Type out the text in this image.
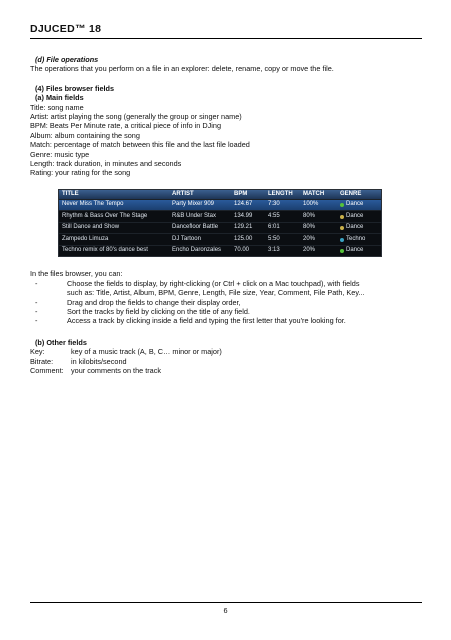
DJUCED™ 18
(d) File operations
The operations that you perform on a file in an explorer: delete, rename, copy or move the file.
(4) Files browser fields
(a) Main fields
Title: song name
Artist: artist playing the song (generally the group or singer name)
BPM: Beats Per Minute rate, a critical piece of info in DJing
Album: album containing the song
Match: percentage of match between this file and the last file loaded
Genre: music type
Length: track duration, in minutes and seconds
Rating: your rating for the song
TITLE	ARTIST	BPM	LENGTH	MATCH	GENRE
Never Miss The Tempo	Party Mixer 909	124.67	7:30	100%	Dance
Rhythm & Bass Over The Stage	R&B Under Stax	134.99	4:55	80%	Dance
Still Dance and Show	Dancefloor Battle	129.21	6:01	80%	Dance
Zampedo Limuza	DJ Tartoon	125.00	5:50	20%	Techno
Techno remix of 80's dance best	Encho Daronzales	70.00	3:13	20%	Dance
In the files browser, you can:
-	Choose the fields to display, by right-clicking (or Ctrl + click on a Mac touchpad), with fields
such as: Title, Artist, Album, BPM, Genre, Length, File size, Year, Comment, File Path, Key...
-	Drag and drop the fields to change their display order,
-	Sort the tracks by field by clicking on the title of any field.
-	Access a track by clicking inside a field and typing the first letter that you're looking for.
(b) Other fields
Key:	key of a music track (A, B, C… minor or major)
Bitrate:	in kilobits/second
Comment:	your comments on the track
6
